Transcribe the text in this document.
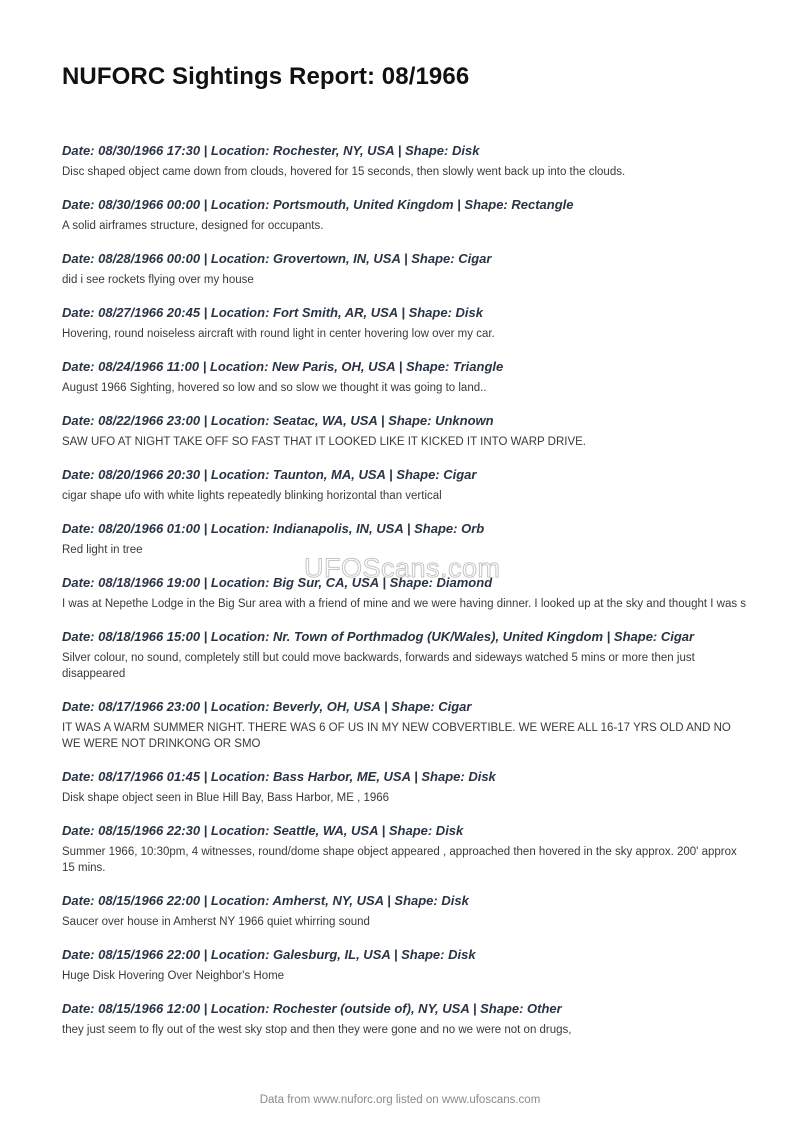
NUFORC Sightings Report: 08/1966
Date: 08/30/1966 17:30 | Location: Rochester, NY, USA | Shape: Disk
Disc shaped object came down from clouds, hovered for 15 seconds, then slowly went back up into the clouds.
Date: 08/30/1966 00:00 | Location: Portsmouth, United Kingdom | Shape: Rectangle
A solid airframes structure, designed for occupants.
Date: 08/28/1966 00:00 | Location: Grovertown, IN, USA | Shape: Cigar
did i see rockets flying over my house
Date: 08/27/1966 20:45 | Location: Fort Smith, AR, USA | Shape: Disk
Hovering, round noiseless aircraft with round light in center hovering low over my car.
Date: 08/24/1966 11:00 | Location: New Paris, OH, USA | Shape: Triangle
August 1966 Sighting, hovered so low and so slow we thought it was going to land..
Date: 08/22/1966 23:00 | Location: Seatac, WA, USA | Shape: Unknown
SAW UFO AT NIGHT TAKE OFF SO FAST THAT IT LOOKED LIKE IT KICKED IT INTO WARP DRIVE.
Date: 08/20/1966 20:30 | Location: Taunton, MA, USA | Shape: Cigar
cigar shape ufo with white lights repeatedly blinking horizontal than vertical
Date: 08/20/1966 01:00 | Location: Indianapolis, IN, USA | Shape: Orb
Red light in tree
Date: 08/18/1966 19:00 | Location: Big Sur, CA, USA | Shape: Diamond
I was at Nepethe Lodge in the Big Sur area with a friend of mine and we were having dinner. I looked up at the sky and thought I was s
Date: 08/18/1966 15:00 | Location: Nr. Town of Porthmadog (UK/Wales), United Kingdom | Shape: Cigar
Silver colour, no sound, completely still but could move backwards, forwards and sideways watched 5 mins or more then just disappeared
Date: 08/17/1966 23:00 | Location: Beverly, OH, USA | Shape: Cigar
IT WAS A WARM SUMMER NIGHT. THERE WAS 6 OF US IN MY NEW COBVERTIBLE. WE WERE ALL 16-17 YRS OLD AND NO WE WERE NOT DRINKONG OR SMO
Date: 08/17/1966 01:45 | Location: Bass Harbor, ME, USA | Shape: Disk
Disk shape object seen in Blue Hill Bay, Bass Harbor, ME , 1966
Date: 08/15/1966 22:30 | Location: Seattle, WA, USA | Shape: Disk
Summer 1966, 10:30pm, 4 witnesses, round/dome shape object appeared , approached then hovered in the sky approx. 200' approx 15 mins.
Date: 08/15/1966 22:00 | Location: Amherst, NY, USA | Shape: Disk
Saucer over house in Amherst NY 1966 quiet whirring sound
Date: 08/15/1966 22:00 | Location: Galesburg, IL, USA | Shape: Disk
Huge Disk Hovering Over Neighbor's Home
Date: 08/15/1966 12:00 | Location: Rochester (outside of), NY, USA | Shape: Other
they just seem to fly out of the west sky stop and then they were gone and no we were not on drugs,
UFOScans.com
Data from www.nuforc.org listed on www.ufoscans.com
